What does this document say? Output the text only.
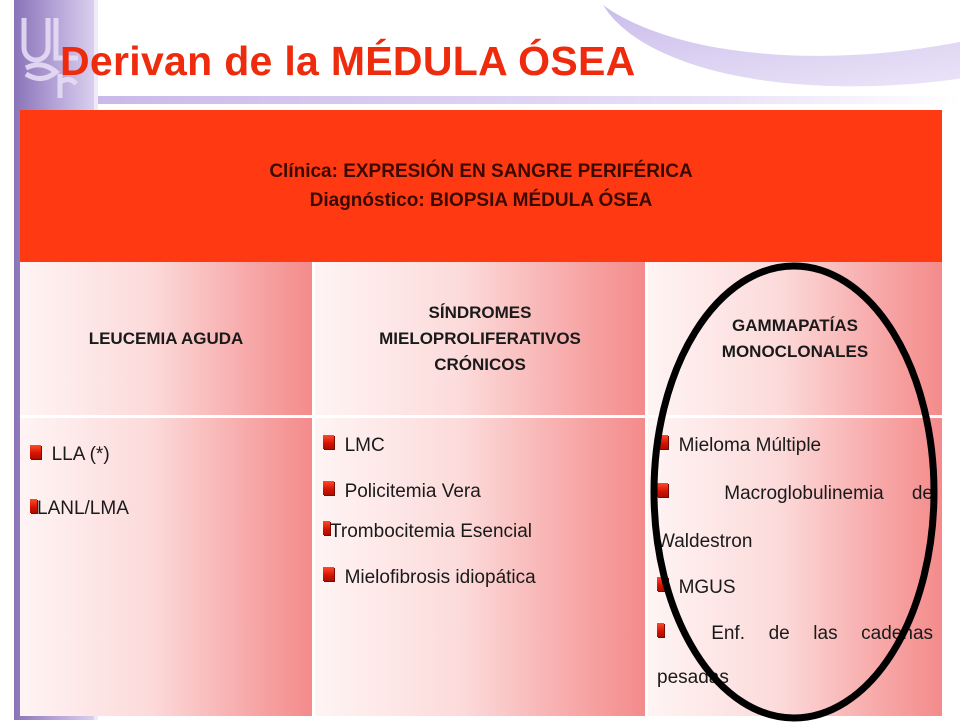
Derivan de la MÉDULA ÓSEA
Clínica: EXPRESIÓN EN SANGRE PERIFÉRICA
Diagnóstico: BIOPSIA MÉDULA ÓSEA
LEUCEMIA AGUDA
LLA (*)
LANL/LMA
SÍNDROMES
MIELOPROLIFERATIVOS
CRÓNICOS
LMC
Policitemia Vera
Trombocitemia Esencial
Mielofibrosis idiopática
GAMMAPATÍAS
MONOCLONALES
Mieloma Múltiple
Macroglobulinemia de
Waldestron
MGUS
Enf. de las cadenas
pesadas
